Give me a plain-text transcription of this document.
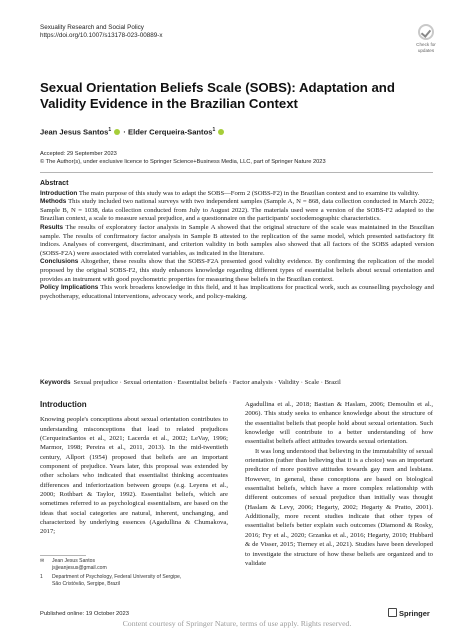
Sexuality Research and Social Policy
https://doi.org/10.1007/s13178-023-00889-x
Check for
updates
Sexual Orientation Beliefs Scale (SOBS): Adaptation and Validity Evidence in the Brazilian Context
Jean Jesus Santos$^1$  · Elder Cerqueira‑Santos$^1$
Accepted: 29 September 2023
© The Author(s), under exclusive licence to Springer Science+Business Media, LLC, part of Springer Nature 2023
Abstract

Introduction The main purpose of this study was to adapt the SOBS—Form 2 (SOBS-F2) in the Brazilian context and to examine its validity.

Methods This study included two national surveys with two independent samples (Sample A, N = 868, data collection conducted in March 2022; Sample B, N = 1038, data collection conducted from July to August 2022). The materials used were a version of the SOBS-F2 adapted to the Brazilian context, a scale to measure sexual prejudice, and a questionnaire on the participants' sociodemographic characteristics.

Results The results of exploratory factor analysis in Sample A showed that the original structure of the scale was maintained in the Brazilian sample. The results of confirmatory factor analysis in Sample B attested to the replication of the same model, which presented satisfactory fit indices. Analyses of convergent, discriminant, and criterion validity in both samples also showed that all factors of the SOBS adapted version (SOBS-F2A) were associated with correlated variables, as indicated in the literature.

Conclusions Altogether, these results show that the SOBS-F2A presented good validity evidence. By confirming the replication of the model proposed by the original SOBS-F2, this study enhances knowledge regarding different types of essentialist beliefs about sexual orientation and provides an instrument with good psychometric properties for measuring these beliefs in the Brazilian context.

Policy Implications This work broadens knowledge in this field, and it has implications for practical work, such as counselling psychology and psychotherapy, educational interventions, advocacy work, and policy-making.

Keywords Sexual prejudice · Sexual orientation · Essentialist beliefs · Factor analysis · Validity · Scale · Brazil
Introduction

Knowing people's conceptions about sexual orientation contributes to understanding misconceptions that lead to related prejudices (CerqueiraSantos et al., 2021; Lacerda et al., 2002; LeVay, 1996; Marmor, 1998; Pereira et al., 2011, 2013). In the mid-twentieth century, Allport (1954) proposed that beliefs are an important component of prejudice. Years later, this proposal was extended by other scholars who indicated that essentialist thinking accentuates differences and inferiorization between groups (e.g. Leyens et al., 2000; Rothbart & Taylor, 1992). Essentialist beliefs, which are sometimes referred to as psychological essentialism, are based on the ideas that social categories are natural, inherent, unchanging, and characterized by underlying essences (Agadullina & Chumakova, 2017;

Agadullina et al., 2018; Bastian & Haslam, 2006; Demoulin et al., 2006). This study seeks to enhance knowledge about the structure of the essentialist beliefs that people hold about sexual orientation. Such knowledge will contribute to a better understanding of how essentialist beliefs affect attitudes towards sexual orientation.

It was long understood that believing in the immutability of sexual orientation (rather than believing that it is a choice) was an important predictor of more positive attitudes towards gay men and lesbians. However, in general, these conceptions are based on biological essentialist beliefs, which have a more complex relationship with different outcomes of sexual prejudice than initially was thought (Haslam & Levy, 2006; Hegarty, 2002; Hegarty & Pratto, 2001). Additionally, more recent studies indicate that other types of essentialist beliefs better explain such outcomes (Diamond & Rosky, 2016; Fry et al., 2020; Grzanka et al., 2016; Hegarty, 2010; Hubbard & de Visser, 2015; Tierney et al., 2021). Studies have been developed to investigate the structure of how these beliefs are organized and to validate

✉ Jean Jesus Santos
jsjjeanjesus@gmail.com
1 Department of Psychology, Federal University of Sergipe,
São Cristóvão, Sergipe, Brazil
Published online: 19 October 2023	Springer
Content courtesy of Springer Nature, terms of use apply. Rights reserved.
